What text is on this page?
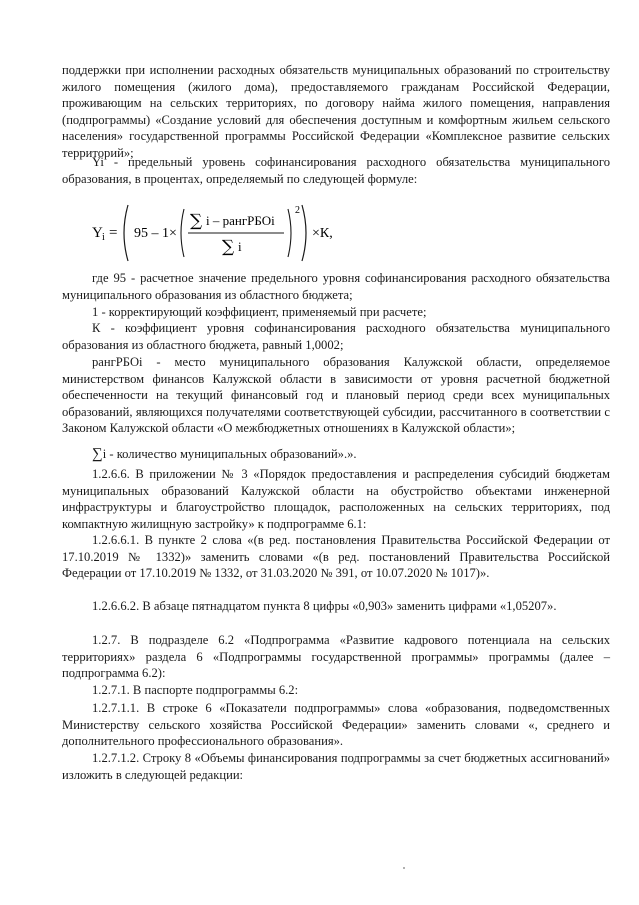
поддержки при исполнении расходных обязательств муниципальных образований по строительству жилого помещения (жилого дома), предоставляемого гражданам Российской Федерации, проживающим на сельских территориях, по договору найма жилого помещения, направления (подпрограммы) «Создание условий для обеспечения доступным и комфортным жильем сельского населения» государственной программы Российской Федерации «Комплексное развитие сельских территорий»;

Yi - предельный уровень софинансирования расходного обязательства муниципального образования, в процентах, определяемый по следующей формуле:

Y i = 95 – 1×
∑ i – рангРБОi
∑ i
2
×К,

где 95 - расчетное значение предельного уровня софинансирования расходного обязательства муниципального образования из областного бюджета;

1 - корректирующий коэффициент, применяемый при расчете;

К - коэффициент уровня софинансирования расходного обязательства муниципального образования из областного бюджета, равный 1,0002;

рангРБОi - место муниципального образования Калужской области, определяемое министерством финансов Калужской области в зависимости от уровня расчетной бюджетной обеспеченности на текущий финансовый год и плановый период среди всех муниципальных образований, являющихся получателями соответствующей субсидии, рассчитанного в соответствии с Законом Калужской области «О межбюджетных отношениях в Калужской области»;

∑i - количество муниципальных образований».».

1.2.6.6. В приложении № 3 «Порядок предоставления и распределения субсидий бюджетам муниципальных образований Калужской области на обустройство объектами инженерной инфраструктуры и благоустройство площадок, расположенных на сельских территориях, под компактную жилищную застройку» к подпрограмме 6.1:

1.2.6.6.1. В пункте 2 слова «(в ред. постановления Правительства Российской Федерации от 17.10.2019 № 1332)» заменить словами «(в ред. постановлений Правительства Российской Федерации от 17.10.2019 № 1332, от 31.03.2020 № 391, от 10.07.2020 № 1017)».

1.2.6.6.2. В абзаце пятнадцатом пункта 8 цифры «0,903» заменить цифрами «1,05207».

1.2.7. В подразделе 6.2 «Подпрограмма «Развитие кадрового потенциала на сельских территориях» раздела 6 «Подпрограммы государственной программы» программы (далее – подпрограмма 6.2):

1.2.7.1. В паспорте подпрограммы 6.2:

1.2.7.1.1. В строке 6 «Показатели подпрограммы» слова «образования, подведомственных Министерству сельского хозяйства Российской Федерации» заменить словами «, среднего и дополнительного профессионального образования».

1.2.7.1.2. Строку 8 «Объемы финансирования подпрограммы за счет бюджетных ассигнований» изложить в следующей редакции:
